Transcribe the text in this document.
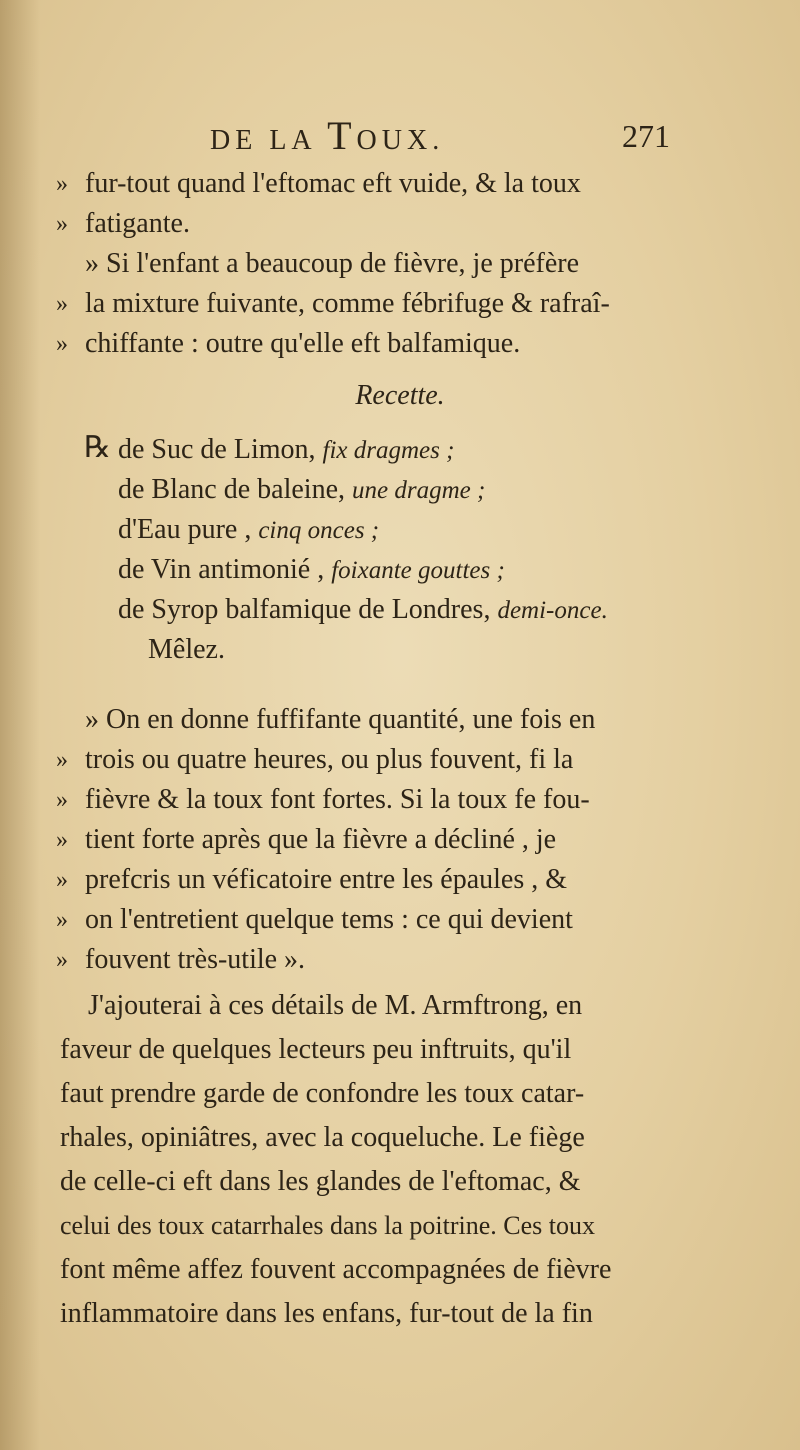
DE LA TOUX.	271
» fur-tout quand l'eftomac eft vuide, & la toux
» fatigante.
» Si l'enfant a beaucoup de fièvre, je préfère
» la mixture fuivante, comme fébrifuge & rafraî-
» chiffante : outre qu'elle eft balfamique.
Recette.
℞ de Suc de Limon, fix dragmes ;
de Blanc de baleine, une dragme ;
d'Eau pure , cinq onces ;
de Vin antimonié , foixante gouttes ;
de Syrop balfamique de Londres, demi-once.
Mêlez.
» On en donne fuffifante quantité, une fois en
» trois ou quatre heures, ou plus fouvent, fi la
» fièvre & la toux font fortes. Si la toux fe fou-
» tient forte après que la fièvre a décliné , je
» prefcris un véficatoire entre les épaules , &
» on l'entretient quelque tems : ce qui devient
» fouvent très-utile ».
J'ajouterai à ces détails de M. Armftrong, en
faveur de quelques lecteurs peu inftruits, qu'il
faut prendre garde de confondre les toux catar-
rhales, opiniâtres, avec la coqueluche. Le fiège
de celle-ci eft dans les glandes de l'eftomac, &
celui des toux catarrhales dans la poitrine. Ces toux
font même affez fouvent accompagnées de fièvre
inflammatoire dans les enfans, fur-tout de la fin
